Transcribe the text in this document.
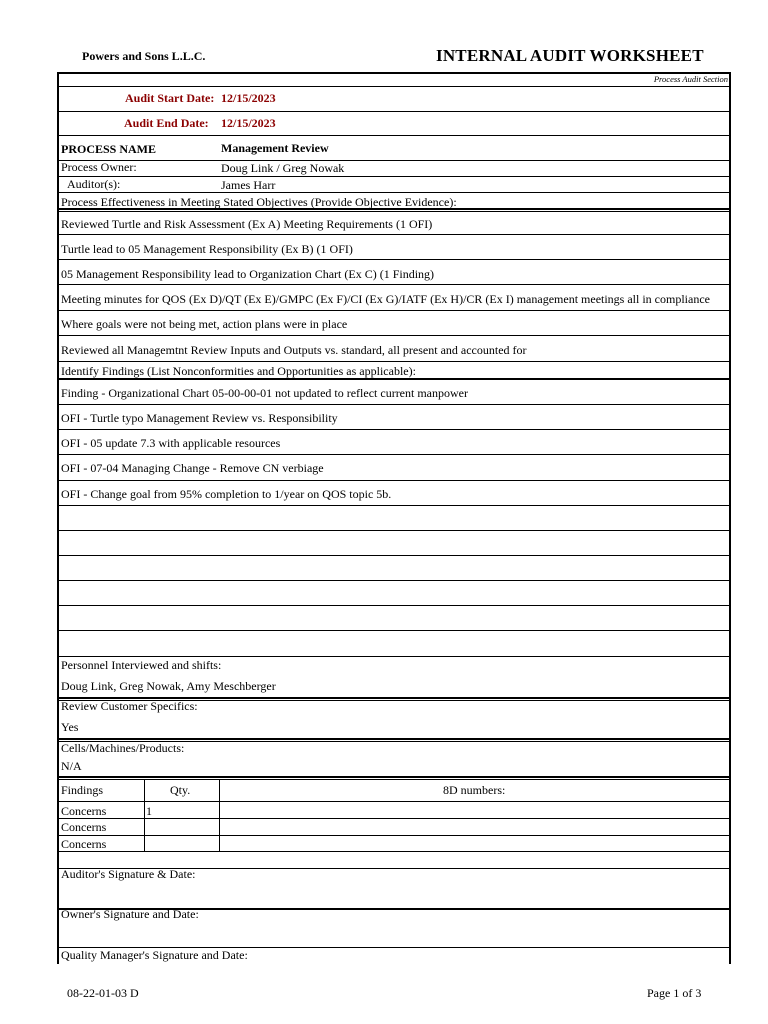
Powers and Sons L.L.C.	INTERNAL AUDIT WORKSHEET
Process Audit Section
Audit Start Date: 12/15/2023
Audit End Date: 12/15/2023
PROCESS NAME	Management Review
Process Owner:	Doug Link / Greg Nowak
Auditor(s):	James Harr
Process Effectiveness in Meeting Stated Objectives (Provide Objective Evidence):
Reviewed Turtle and Risk Assessment (Ex A) Meeting Requirements (1 OFI)
Turtle lead to 05 Management Responsibility (Ex B) (1 OFI)
05 Management Responsibility lead to Organization Chart (Ex C) (1 Finding)
Meeting minutes for QOS (Ex D)/QT (Ex E)/GMPC (Ex F)/CI (Ex G)/IATF (Ex H)/CR (Ex I) management meetings all in compliance
Where goals were not being met, action plans were in place
Reviewed all Managemtnt Review Inputs and Outputs vs. standard, all present and accounted for
Identify Findings (List Nonconformities and Opportunities as applicable):
Finding - Organizational Chart 05-00-00-01 not updated to reflect current manpower
OFI - Turtle typo Management Review vs. Responsibility
OFI - 05 update 7.3 with applicable resources
OFI - 07-04 Managing Change - Remove CN verbiage
OFI - Change goal from 95% completion to 1/year on QOS topic 5b.
Personnel Interviewed and shifts:
Doug Link, Greg Nowak, Amy Meschberger
Review Customer Specifics:
Yes
Cells/Machines/Products:
N/A
Findings	Qty.	8D numbers:
Concerns	1
Concerns
Concerns
Auditor's Signature & Date:
Owner's Signature and Date:
Quality Manager's Signature and Date:
08-22-01-03 D	Page 1 of 3
